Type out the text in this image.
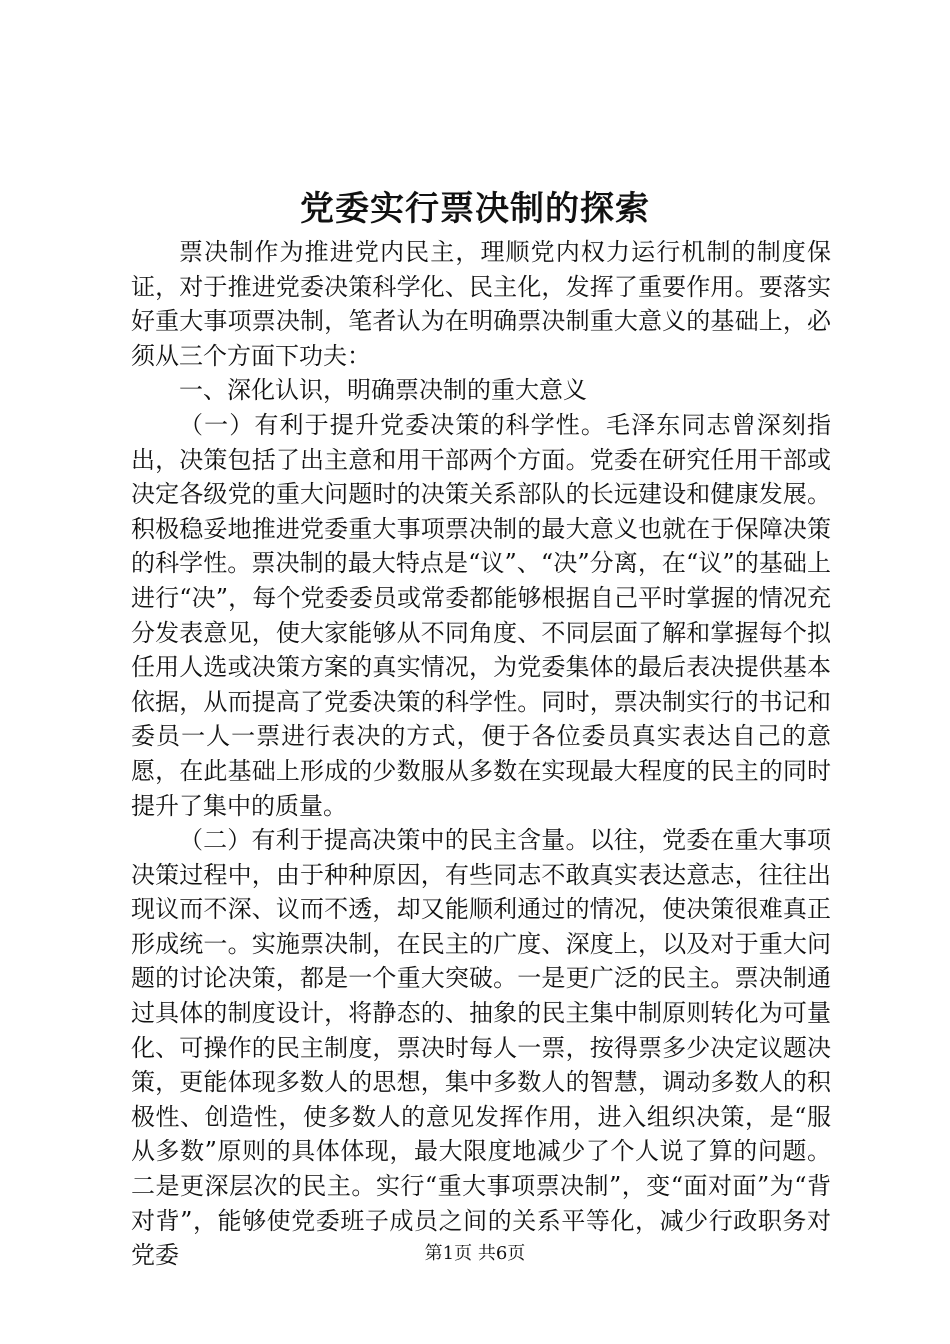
党委实行票决制的探索

票决制作为推进党内民主，理顺党内权力运行机制的制度保证，对于推进党委决策科学化、民主化，发挥了重要作用。要落实好重大事项票决制，笔者认为在明确票决制重大意义的基础上，必须从三个方面下功夫：

一、深化认识，明确票决制的重大意义

（一）有利于提升党委决策的科学性。毛泽东同志曾深刻指出，决策包括了出主意和用干部两个方面。党委在研究任用干部或决定各级党的重大问题时的决策关系部队的长远建设和健康发展。积极稳妥地推进党委重大事项票决制的最大意义也就在于保障决策的科学性。票决制的最大特点是“议”、“决”分离，在“议”的基础上进行“决”，每个党委委员或常委都能够根据自己平时掌握的情况充分发表意见，使大家能够从不同角度、不同层面了解和掌握每个拟任用人选或决策方案的真实情况，为党委集体的最后表决提供基本依据，从而提高了党委决策的科学性。同时，票决制实行的书记和委员一人一票进行表决的方式，便于各位委员真实表达自己的意愿，在此基础上形成的少数服从多数在实现最大程度的民主的同时提升了集中的质量。

（二）有利于提高决策中的民主含量。以往，党委在重大事项决策过程中，由于种种原因，有些同志不敢真实表达意志，往往出现议而不深、议而不透，却又能顺利通过的情况，使决策很难真正形成统一。实施票决制，在民主的广度、深度上，以及对于重大问题的讨论决策，都是一个重大突破。一是更广泛的民主。票决制通过具体的制度设计，将静态的、抽象的民主集中制原则转化为可量化、可操作的民主制度，票决时每人一票，按得票多少决定议题决策，更能体现多数人的思想，集中多数人的智慧，调动多数人的积极性、创造性，使多数人的意见发挥作用，进入组织决策，是“服从多数”原则的具体体现，最大限度地减少了个人说了算的问题。二是更深层次的民主。实行“重大事项票决制”，变“面对面”为“背对背”，能够使党委班子成员之间的关系平等化，减少行政职务对党委	第1页 共6页
